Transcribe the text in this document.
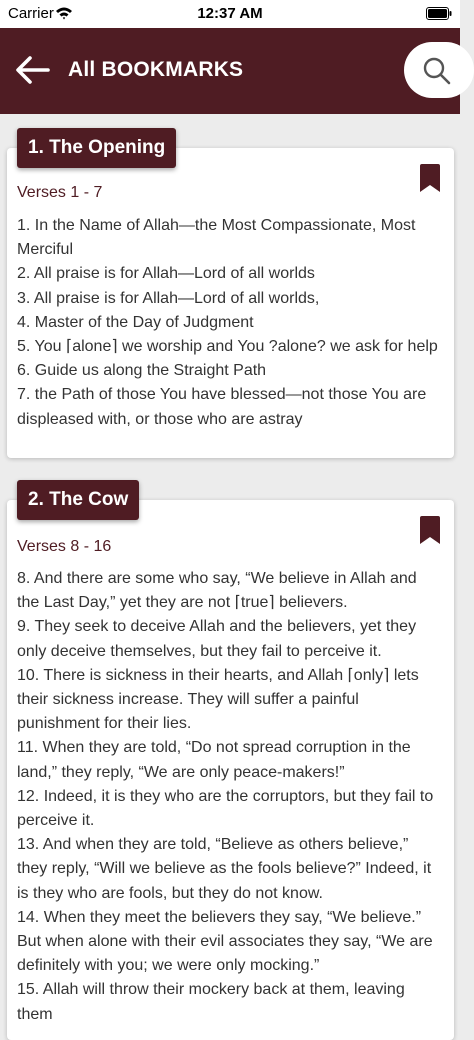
Carrier	12:37 AM
All BOOKMARKS
1. The Opening
Verses 1 - 7
1. In the Name of Allah—the Most Compassionate, Most Merciful
2. All praise is for Allah—Lord of all worlds
3. All praise is for Allah—Lord of all worlds,
4. Master of the Day of Judgment
5. You ⌈alone⌉ we worship and You ?alone? we ask for help
6. Guide us along the Straight Path
7. the Path of those You have blessed—not those You are displeased with, or those who are astray
2. The Cow
Verses 8 - 16
8. And there are some who say, “We believe in Allah and the Last Day,” yet they are not ⌈true⌉ believers.
9. They seek to deceive Allah and the believers, yet they only deceive themselves, but they fail to perceive it.
10. There is sickness in their hearts, and Allah ⌈only⌉ lets their sickness increase. They will suffer a painful punishment for their lies.
11. When they are told, “Do not spread corruption in the land,” they reply, “We are only peace-makers!”
12. Indeed, it is they who are the corruptors, but they fail to perceive it.
13. And when they are told, “Believe as others believe,” they reply, “Will we believe as the fools believe?” Indeed, it is they who are fools, but they do not know.
14. When they meet the believers they say, “We believe.” But when alone with their evil associates they say, “We are definitely with you; we were only mocking.”
15. Allah will throw their mockery back at them, leaving them
